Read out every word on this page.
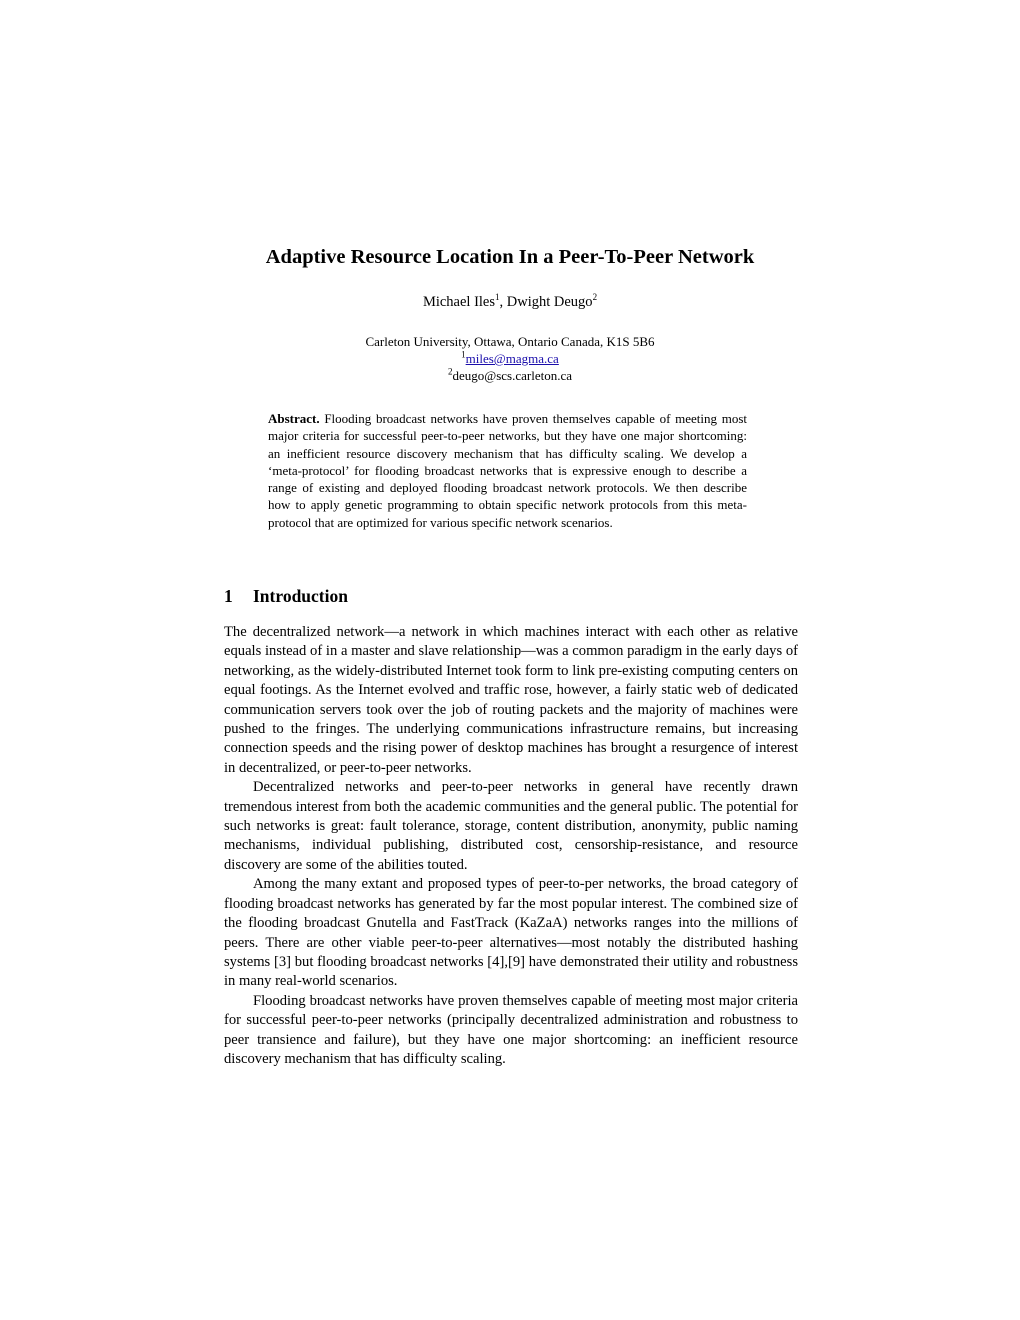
Adaptive Resource Location In a Peer-To-Peer Network
Michael Iles$^1$, Dwight Deugo$^2$
Carleton University, Ottawa, Ontario Canada, K1S 5B6
$^1$miles@magma.ca
$^2$deugo@scs.carleton.ca
Abstract. Flooding broadcast networks have proven themselves capable of meeting most major criteria for successful peer-to-peer networks, but they have one major shortcoming: an inefficient resource discovery mechanism that has difficulty scaling. We develop a ‘meta-protocol’ for flooding broadcast networks that is expressive enough to describe a range of existing and deployed flooding broadcast network protocols. We then describe how to apply genetic programming to obtain specific network protocols from this meta-protocol that are optimized for various specific network scenarios.
1 Introduction

The decentralized network—a network in which machines interact with each other as relative equals instead of in a master and slave relationship—was a common paradigm in the early days of networking, as the widely-distributed Internet took form to link pre-existing computing centers on equal footings. As the Internet evolved and traffic rose, however, a fairly static web of dedicated communication servers took over the job of routing packets and the majority of machines were pushed to the fringes. The underlying communications infrastructure remains, but increasing connection speeds and the rising power of desktop machines has brought a resurgence of interest in decentralized, or peer-to-peer networks.

Decentralized networks and peer-to-peer networks in general have recently drawn tremendous interest from both the academic communities and the general public. The potential for such networks is great: fault tolerance, storage, content distribution, anonymity, public naming mechanisms, individual publishing, distributed cost, censorship-resistance, and resource discovery are some of the abilities touted.

Among the many extant and proposed types of peer-to-per networks, the broad category of flooding broadcast networks has generated by far the most popular interest. The combined size of the flooding broadcast Gnutella and FastTrack (KaZaA) networks ranges into the millions of peers. There are other viable peer-to-peer alternatives—most notably the distributed hashing systems [3] but flooding broadcast networks [4],[9] have demonstrated their utility and robustness in many real-world scenarios.

Flooding broadcast networks have proven themselves capable of meeting most major criteria for successful peer-to-peer networks (principally decentralized administration and robustness to peer transience and failure), but they have one major shortcoming: an inefficient resource discovery mechanism that has difficulty scaling.
